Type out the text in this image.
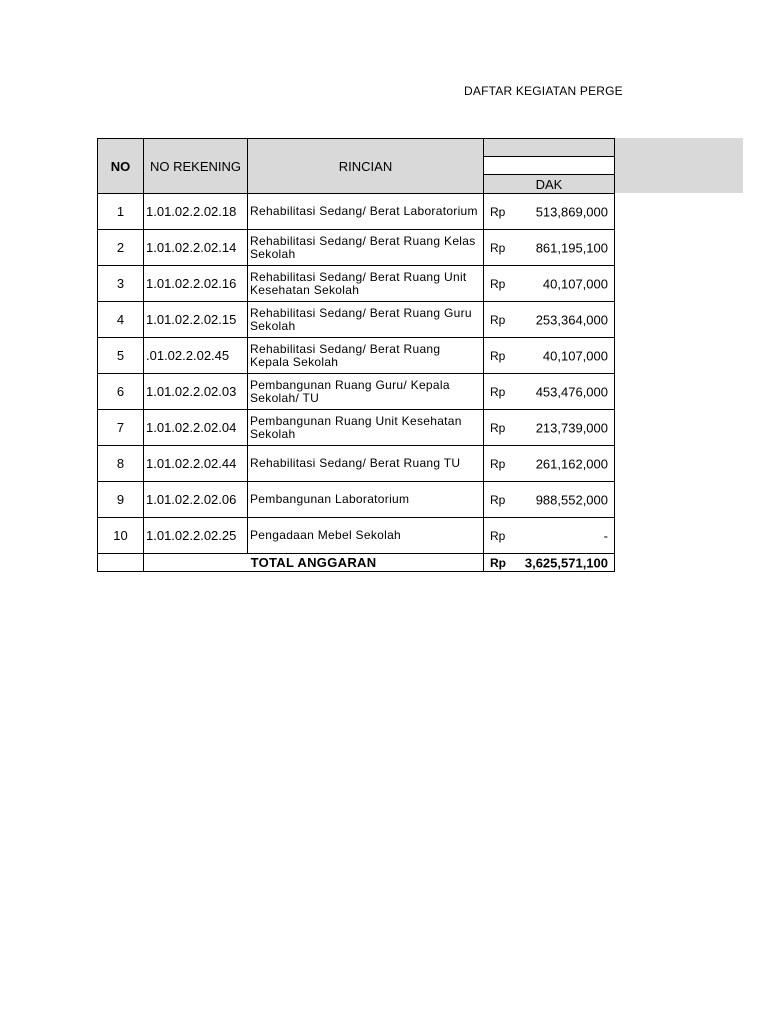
DAFTAR KEGIATAN PERGE
NO	NO REKENING	RINCIAN	

			DAK
1	1.01.02.2.02.18	Rehabilitasi Sedang/ Berat Laboratorium	Rp 513,869,000

2	1.01.02.2.02.14	Rehabilitasi Sedang/ Berat Ruang Kelas Sekolah	Rp 861,195,100

3	1.01.02.2.02.16	Rehabilitasi Sedang/ Berat Ruang Unit Kesehatan Sekolah	Rp 40,107,000

4	1.01.02.2.02.15	Rehabilitasi Sedang/ Berat Ruang Guru Sekolah	Rp 253,364,000

5	.01.02.2.02.45	Rehabilitasi Sedang/ Berat Ruang Kepala Sekolah	Rp 40,107,000

6	1.01.02.2.02.03	Pembangunan Ruang Guru/ Kepala Sekolah/ TU	Rp 453,476,000

7	1.01.02.2.02.04	Pembangunan Ruang Unit Kesehatan Sekolah	Rp 213,739,000

8	1.01.02.2.02.44	Rehabilitasi Sedang/ Berat Ruang TU	Rp 261,162,000

9	1.01.02.2.02.06	Pembangunan Laboratorium	Rp 988,552,000

10	1.01.02.2.02.25	Pengadaan Mebel Sekolah	Rp -

	TOTAL ANGGARAN		Rp 3,625,571,100
